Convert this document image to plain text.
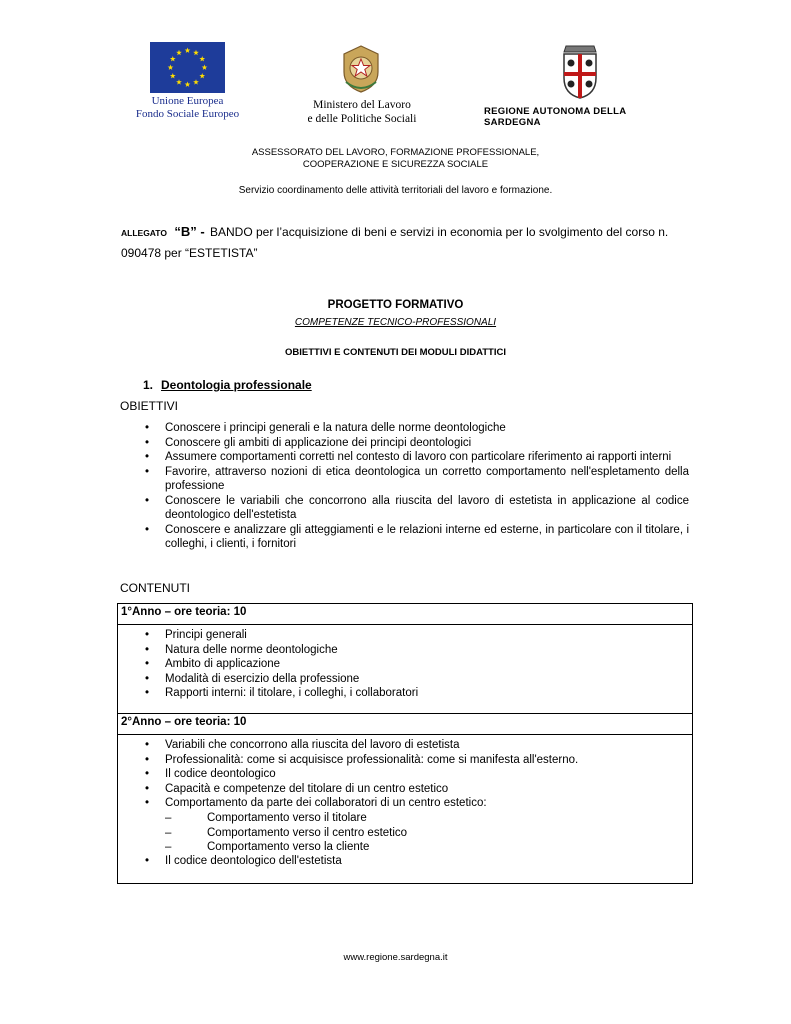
Unione Europea
Fondo Sociale Europeo
Ministero del Lavoro
e delle Politiche Sociali
REGIONE AUTONOMA DELLA SARDEGNA
ASSESSORATO DEL LAVORO, FORMAZIONE PROFESSIONALE,
COOPERAZIONE E SICUREZZA SOCIALE
Servizio coordinamento delle attività territoriali del lavoro e formazione.
ALLEGATO “B” - BANDO per l’acquisizione di beni e servizi in economia per lo svolgimento del corso n. 090478 per “ESTETISTA”
PROGETTO FORMATIVO
COMPETENZE TECNICO-PROFESSIONALI
OBIETTIVI E CONTENUTI DEI MODULI DIDATTICI
1. Deontologia professionale
OBIETTIVI
• Conoscere i principi generali e la natura delle norme deontologiche
• Conoscere gli ambiti di applicazione dei principi deontologici
• Assumere comportamenti corretti nel contesto di lavoro con particolare riferimento ai rapporti interni
• Favorire, attraverso nozioni di etica deontologica un corretto comportamento nell'espletamento della professione
• Conoscere le variabili che concorrono alla riuscita del lavoro di estetista in applicazione al codice deontologico dell'estetista
• Conoscere e analizzare gli atteggiamenti e le relazioni interne ed esterne, in particolare con il titolare, i colleghi, i clienti, i fornitori
CONTENUTI
1°Anno – ore teoria: 10
• Principi generali
• Natura delle norme deontologiche
• Ambito di applicazione
• Modalità di esercizio della professione
• Rapporti interni: il titolare, i colleghi, i collaboratori
2°Anno – ore teoria: 10
• Variabili che concorrono alla riuscita del lavoro di estetista
• Professionalità: come si acquisisce professionalità: come si manifesta all'esterno.
• Il codice deontologico
• Capacità e competenze del titolare di un centro estetico
• Comportamento da parte dei collaboratori di un centro estetico:
– Comportamento verso il titolare
– Comportamento verso il centro estetico
– Comportamento verso la cliente
• Il codice deontologico dell'estetista
www.regione.sardegna.it
